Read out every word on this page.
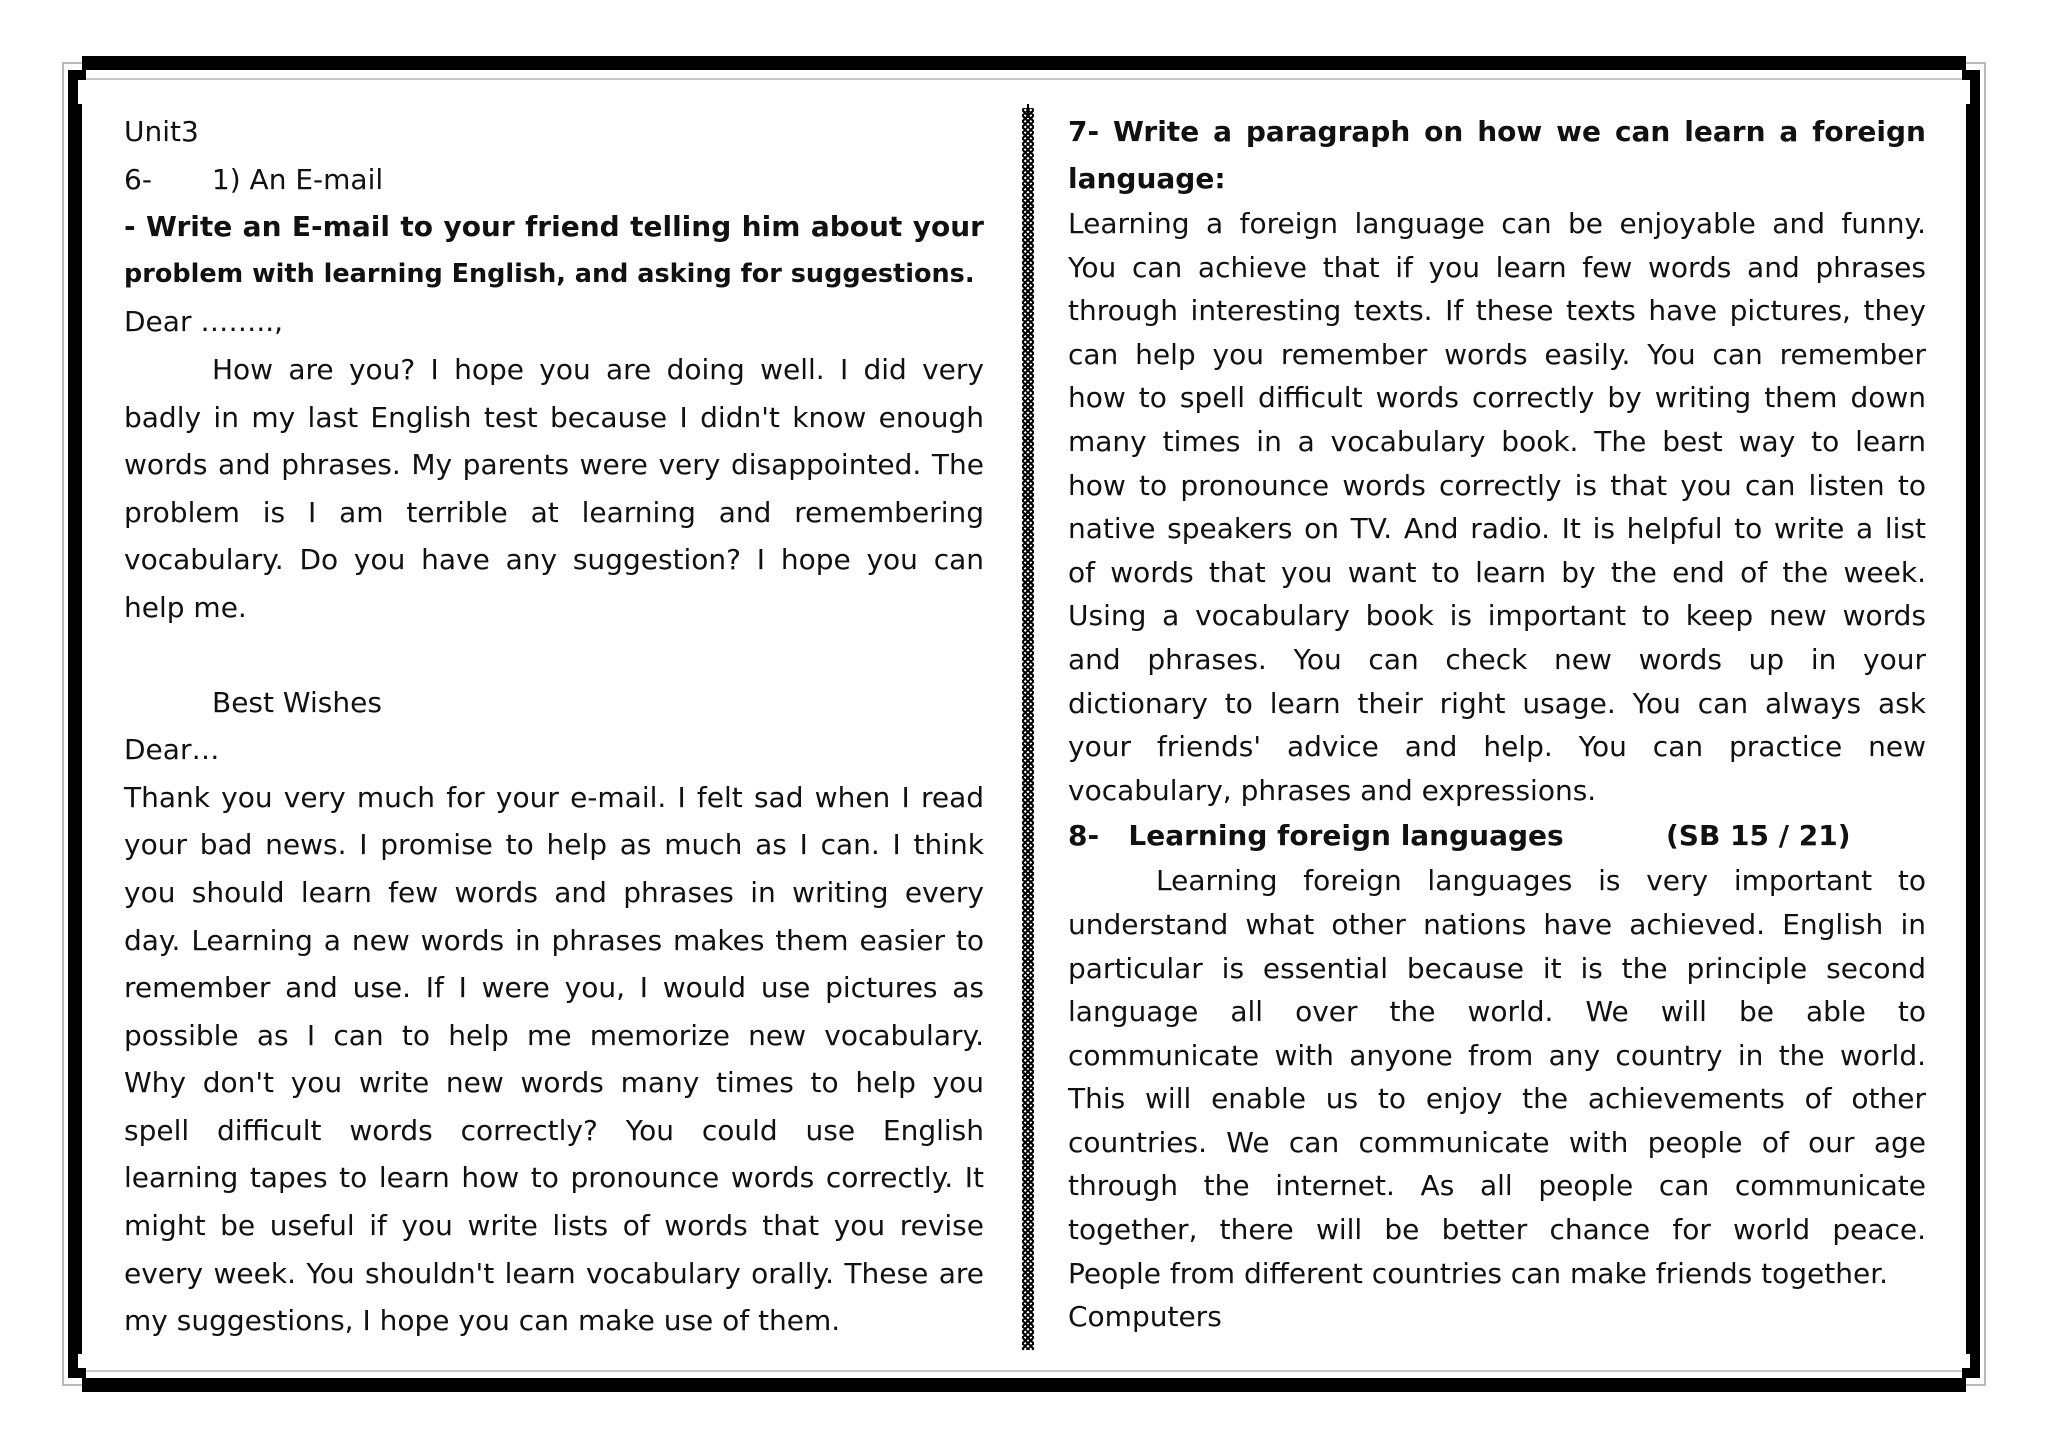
Unit3
6- 1) An E-mail
- Write an E-mail to your friend telling him about your
problem with learning English, and asking for suggestions.
Dear ……..,
How are you? I hope you are doing well. I did very
badly in my last English test because I didn't know enough
words and phrases. My parents were very disappointed. The
problem is I am terrible at learning and remembering
vocabulary. Do you have any suggestion? I hope you can
help me.
Best Wishes
Dear…
Thank you very much for your e-mail. I felt sad when I read
your bad news. I promise to help as much as I can. I think
you should learn few words and phrases in writing every
day. Learning a new words in phrases makes them easier to
remember and use. If I were you, I would use pictures as
possible as I can to help me memorize new vocabulary.
Why don't you write new words many times to help you
spell difficult words correctly? You could use English
learning tapes to learn how to pronounce words correctly. It
might be useful if you write lists of words that you revise
every week. You shouldn't learn vocabulary orally. These are
my suggestions, I hope you can make use of them.
7- Write a paragraph on how we can learn a foreign
language:
Learning a foreign language can be enjoyable and funny.
You can achieve that if you learn few words and phrases
through interesting texts. If these texts have pictures, they
can help you remember words easily. You can remember
how to spell difficult words correctly by writing them down
many times in a vocabulary book. The best way to learn
how to pronounce words correctly is that you can listen to
native speakers on TV. And radio. It is helpful to write a list
of words that you want to learn by the end of the week.
Using a vocabulary book is important to keep new words
and phrases. You can check new words up in your
dictionary to learn their right usage. You can always ask
your friends' advice and help. You can practice new
vocabulary, phrases and expressions.
8- Learning foreign languages	(SB 15 / 21)
Learning foreign languages is very important to
understand what other nations have achieved. English in
particular is essential because it is the principle second
language all over the world. We will be able to
communicate with anyone from any country in the world.
This will enable us to enjoy the achievements of other
countries. We can communicate with people of our age
through the internet. As all people can communicate
together, there will be better chance for world peace.
People from different countries can make friends together.
Computers
